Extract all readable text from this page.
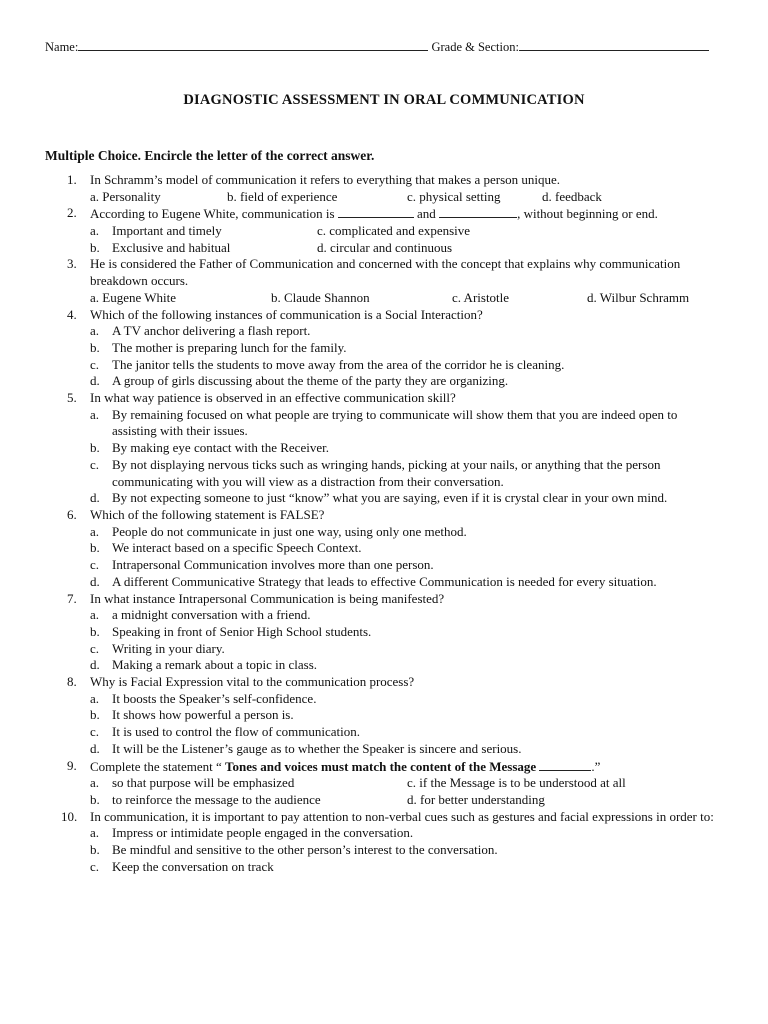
Name:	Grade & Section:
DIAGNOSTIC ASSESSMENT IN ORAL COMMUNICATION
Multiple Choice. Encircle the letter of the correct answer.
1.	In Schramm’s model of communication it refers to everything that makes a person unique.
a. Personality	b. field of experience	c. physical setting	d. feedback
2.	According to Eugene White, communication is	and	, without beginning or end.
a. Important and timely	c. complicated and expensive
b. Exclusive and habitual	d. circular and continuous
3.	He is considered the Father of Communication and concerned with the concept that explains why communication breakdown occurs.
a. Eugene White	b. Claude Shannon	c. Aristotle	d. Wilbur Schramm
4.	Which of the following instances of communication is a Social Interaction?
a. A TV anchor delivering a flash report.
b. The mother is preparing lunch for the family.
c. The janitor tells the students to move away from the area of the corridor he is cleaning.
d. A group of girls discussing about the theme of the party they are organizing.
5.	In what way patience is observed in an effective communication skill?
a. By remaining focused on what people are trying to communicate will show them that you are indeed open to assisting with their issues.
b. By making eye contact with the Receiver.
c. By not displaying nervous ticks such as wringing hands, picking at your nails, or anything that the person communicating with you will view as a distraction from their conversation.
d. By not expecting someone to just “know” what you are saying, even if it is crystal clear in your own mind.
6.	Which of the following statement is FALSE?
a. People do not communicate in just one way, using only one method.
b. We interact based on a specific Speech Context.
c. Intrapersonal Communication involves more than one person.
d. A different Communicative Strategy that leads to effective Communication is needed for every situation.
7.	In what instance Intrapersonal Communication is being manifested?
a. a midnight conversation with a friend.
b. Speaking in front of Senior High School students.
c. Writing in your diary.
d. Making a remark about a topic in class.
8.	Why is Facial Expression vital to the communication process?
a. It boosts the Speaker’s self-confidence.
b. It shows how powerful a person is.
c. It is used to control the flow of communication.
d. It will be the Listener’s gauge as to whether the Speaker is sincere and serious.
9.	Complete the statement “ Tones and voices must match the content of the Message	.”
a. so that purpose will be emphasized	c. if the Message is to be understood at all
b. to reinforce the message to the audience	d. for better understanding
10. In communication, it is important to pay attention to non-verbal cues such as gestures and facial expressions in order to:
a. Impress or intimidate people engaged in the conversation.
b. Be mindful and sensitive to the other person’s interest to the conversation.
c. Keep the conversation on track
